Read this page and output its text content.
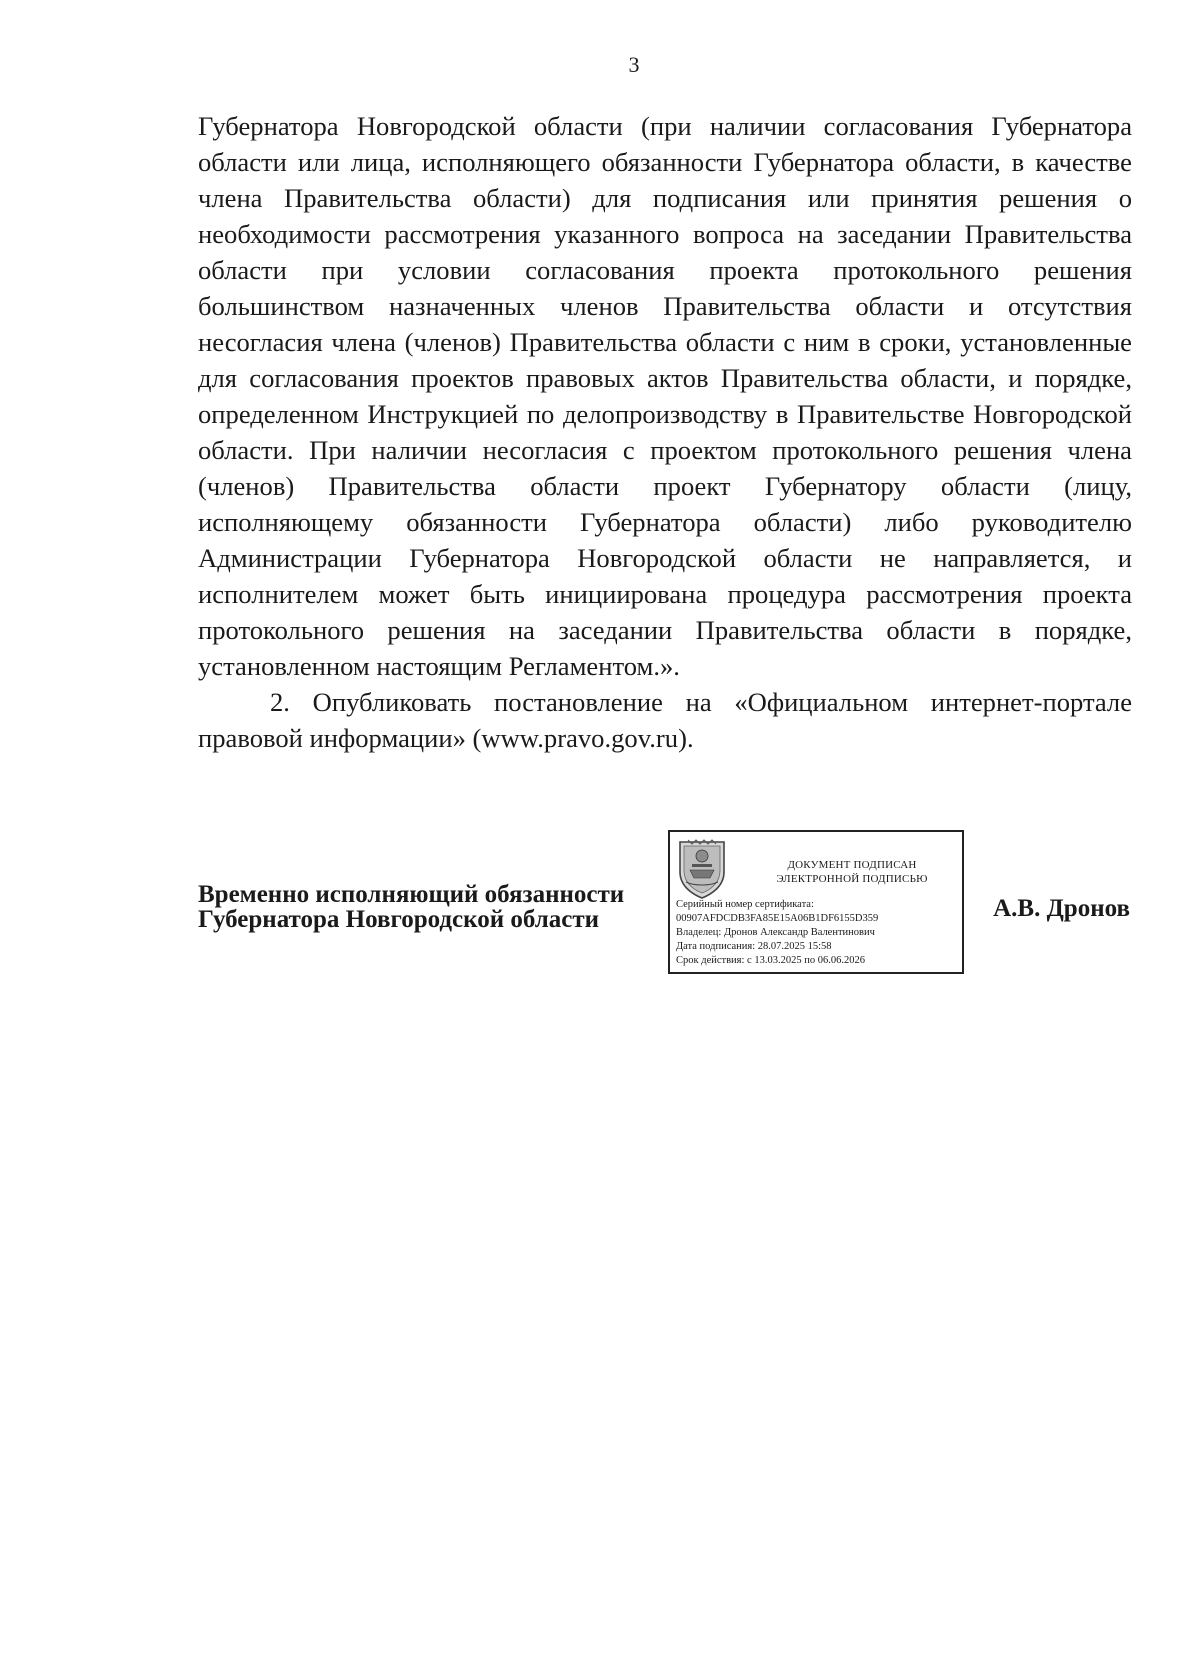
3

Губернатора Новгородской области (при наличии согласования Губернатора области или лица, исполняющего обязанности Губернатора области, в качестве члена Правительства области) для подписания или принятия решения о необходимости рассмотрения указанного вопроса на заседании Правительства области при условии согласования проекта протокольного решения большинством назначенных членов Правительства области и отсутствия несогласия члена (членов) Правительства области с ним в сроки, установленные для согласования проектов правовых актов Правительства области, и порядке, определенном Инструкцией по делопроизводству в Правительстве Новгородской области. При наличии несогласия с проектом протокольного решения члена (членов) Правительства области проект Губернатору области (лицу, исполняющему обязанности Губернатора области) либо руководителю Администрации Губернатора Новгородской области не направляется, и исполнителем может быть инициирована процедура рассмотрения проекта протокольного решения на заседании Правительства области в порядке, установленном настоящим Регламентом.».

2. Опубликовать постановление на «Официальном интернет-портале правовой информации» (www.pravo.gov.ru).

Временно исполняющий обязанности
Губернатора Новгородской области
ДОКУМЕНТ ПОДПИСАН
ЭЛЕКТРОННОЙ ПОДПИСЬЮ
Серийный номер сертификата:
00907AFDCDB3FA85E15A06B1DF6155D359
Владелец: Дронов Александр Валентинович
Дата подписания: 28.07.2025 15:58
Срок действия: с 13.03.2025 по 06.06.2026
А.В. Дронов
